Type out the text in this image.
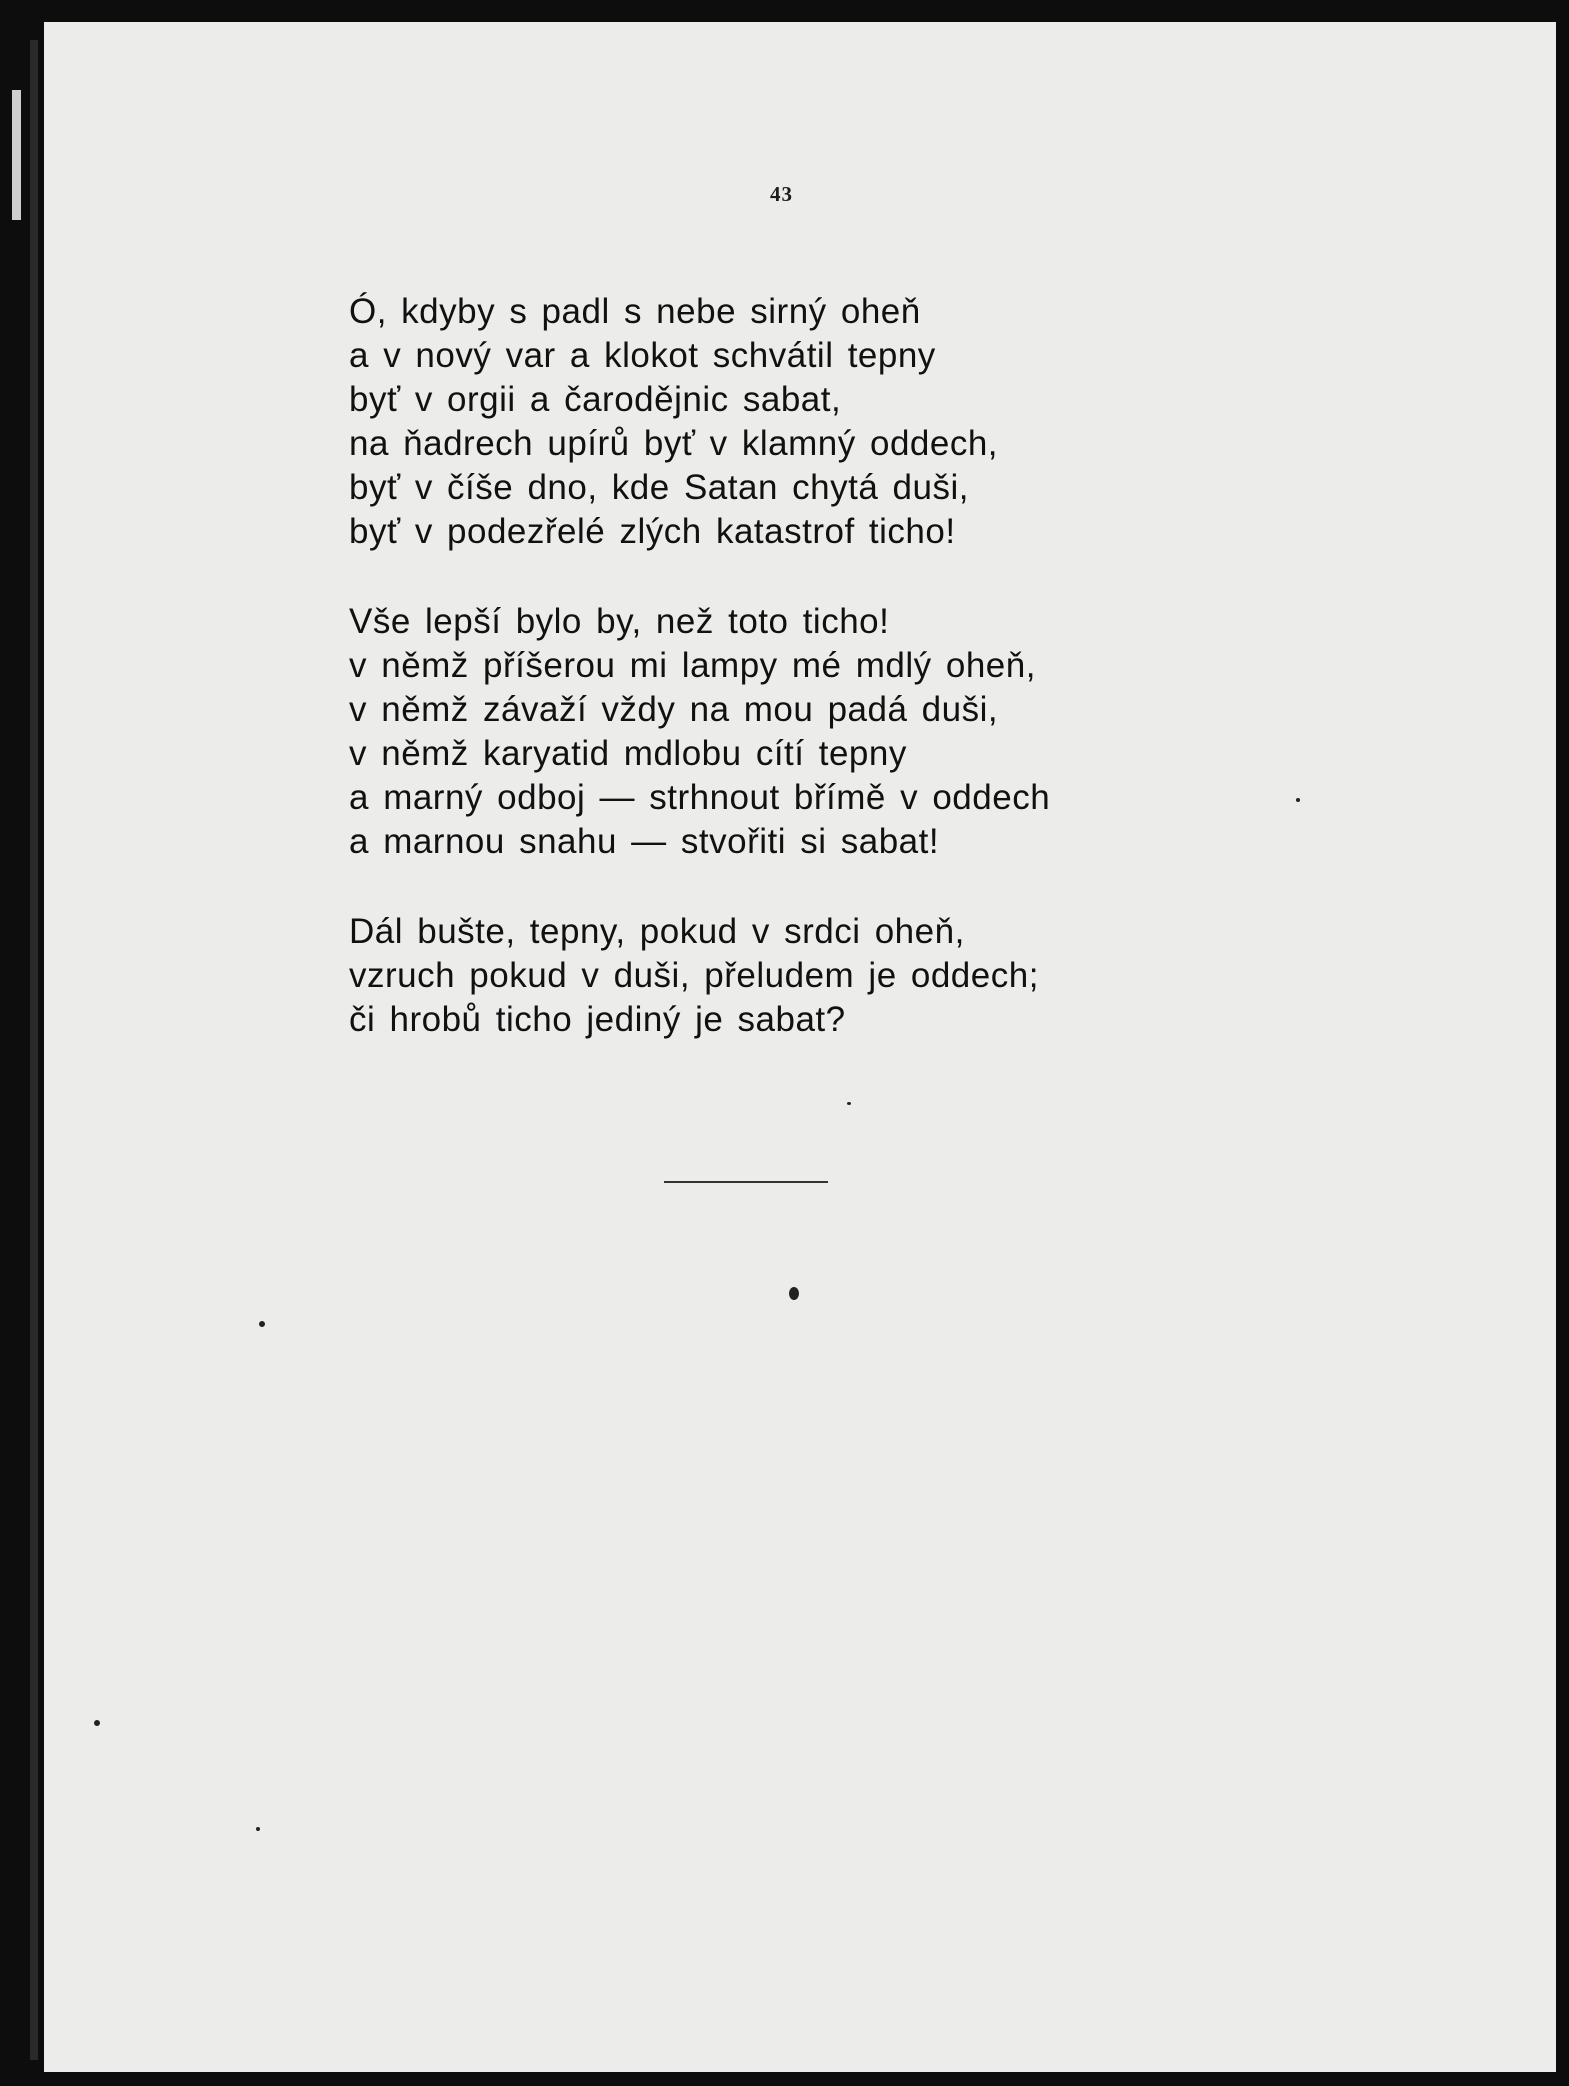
43
Ó, kdyby s padl s nebe sirný oheň
a v nový var a klokot schvátil tepny
byť v orgii a čarodějnic sabat,
na ňadrech upírů byť v klamný oddech,
byť v číše dno, kde Satan chytá duši,
byť v podezřelé zlých katastrof ticho!
Vše lepší bylo by, než toto ticho!
v němž příšerou mi lampy mé mdlý oheň,
v němž závaží vždy na mou padá duši,
v němž karyatid mdlobu cítí tepny
a marný odboj — strhnout břímě v oddech
a marnou snahu — stvořiti si sabat!
Dál bušte, tepny, pokud v srdci oheň,
vzruch pokud v duši, přeludem je oddech;
či hrobů ticho jediný je sabat?
